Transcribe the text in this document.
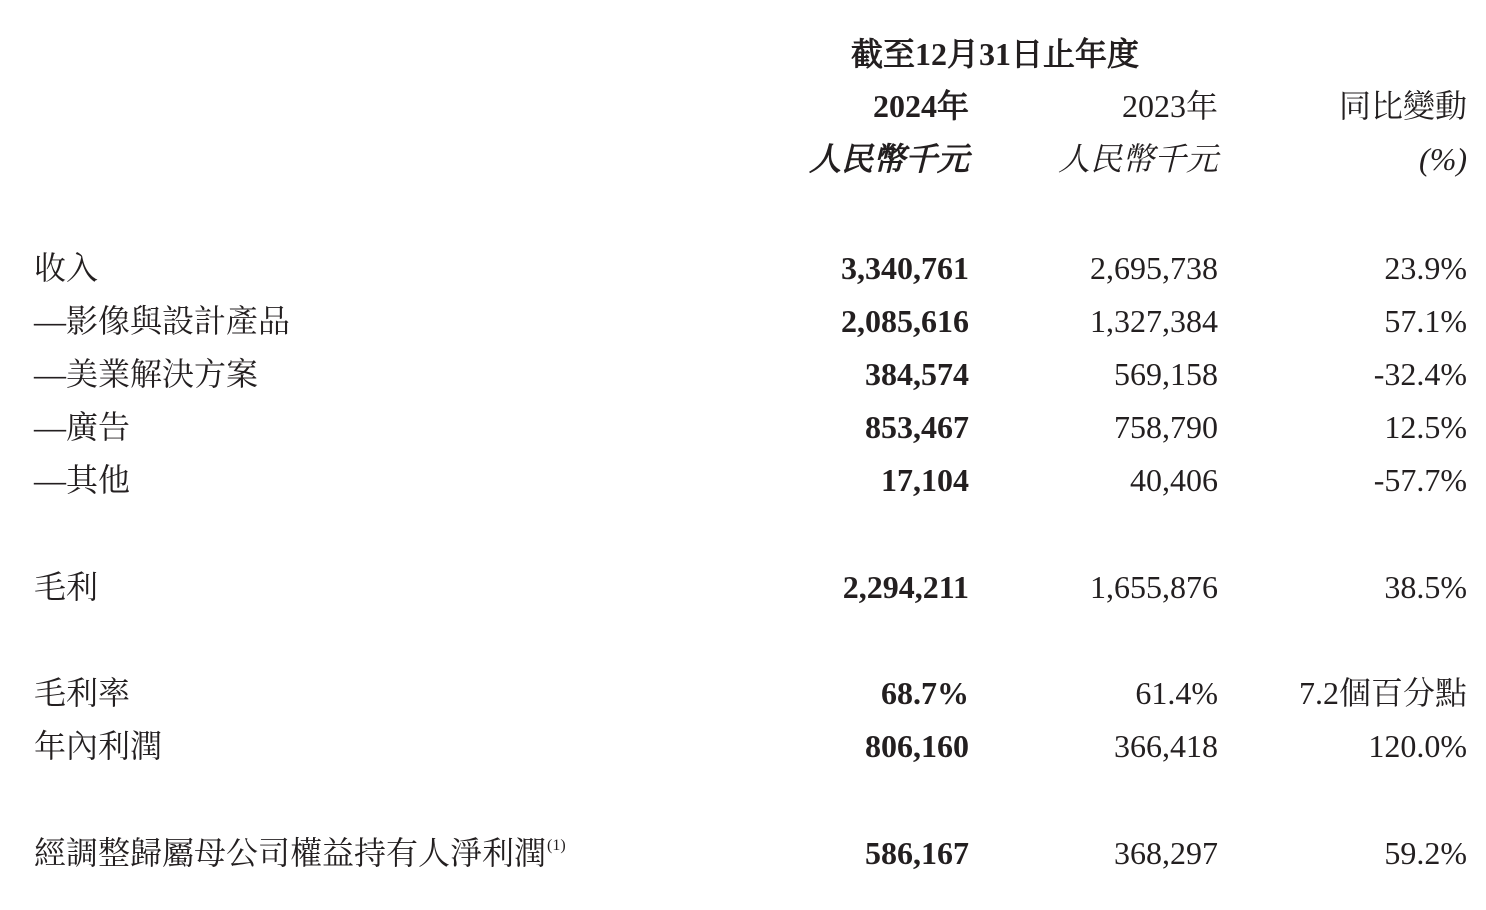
截至12月31日止年度
2024年	2023年	同比變動
人民幣千元	人民幣千元	(%)
收入	3,340,761	2,695,738	23.9%
—影像與設計產品	2,085,616	1,327,384	57.1%
—美業解決方案	384,574	569,158	-32.4%
—廣告	853,467	758,790	12.5%
—其他	17,104	40,406	-57.7%
毛利	2,294,211	1,655,876	38.5%
毛利率	68.7%	61.4%	7.2個百分點
年內利潤	806,160	366,418	120.0%
經調整歸屬母公司權益持有人淨利潤$^{(1)}$	586,167	368,297	59.2%
